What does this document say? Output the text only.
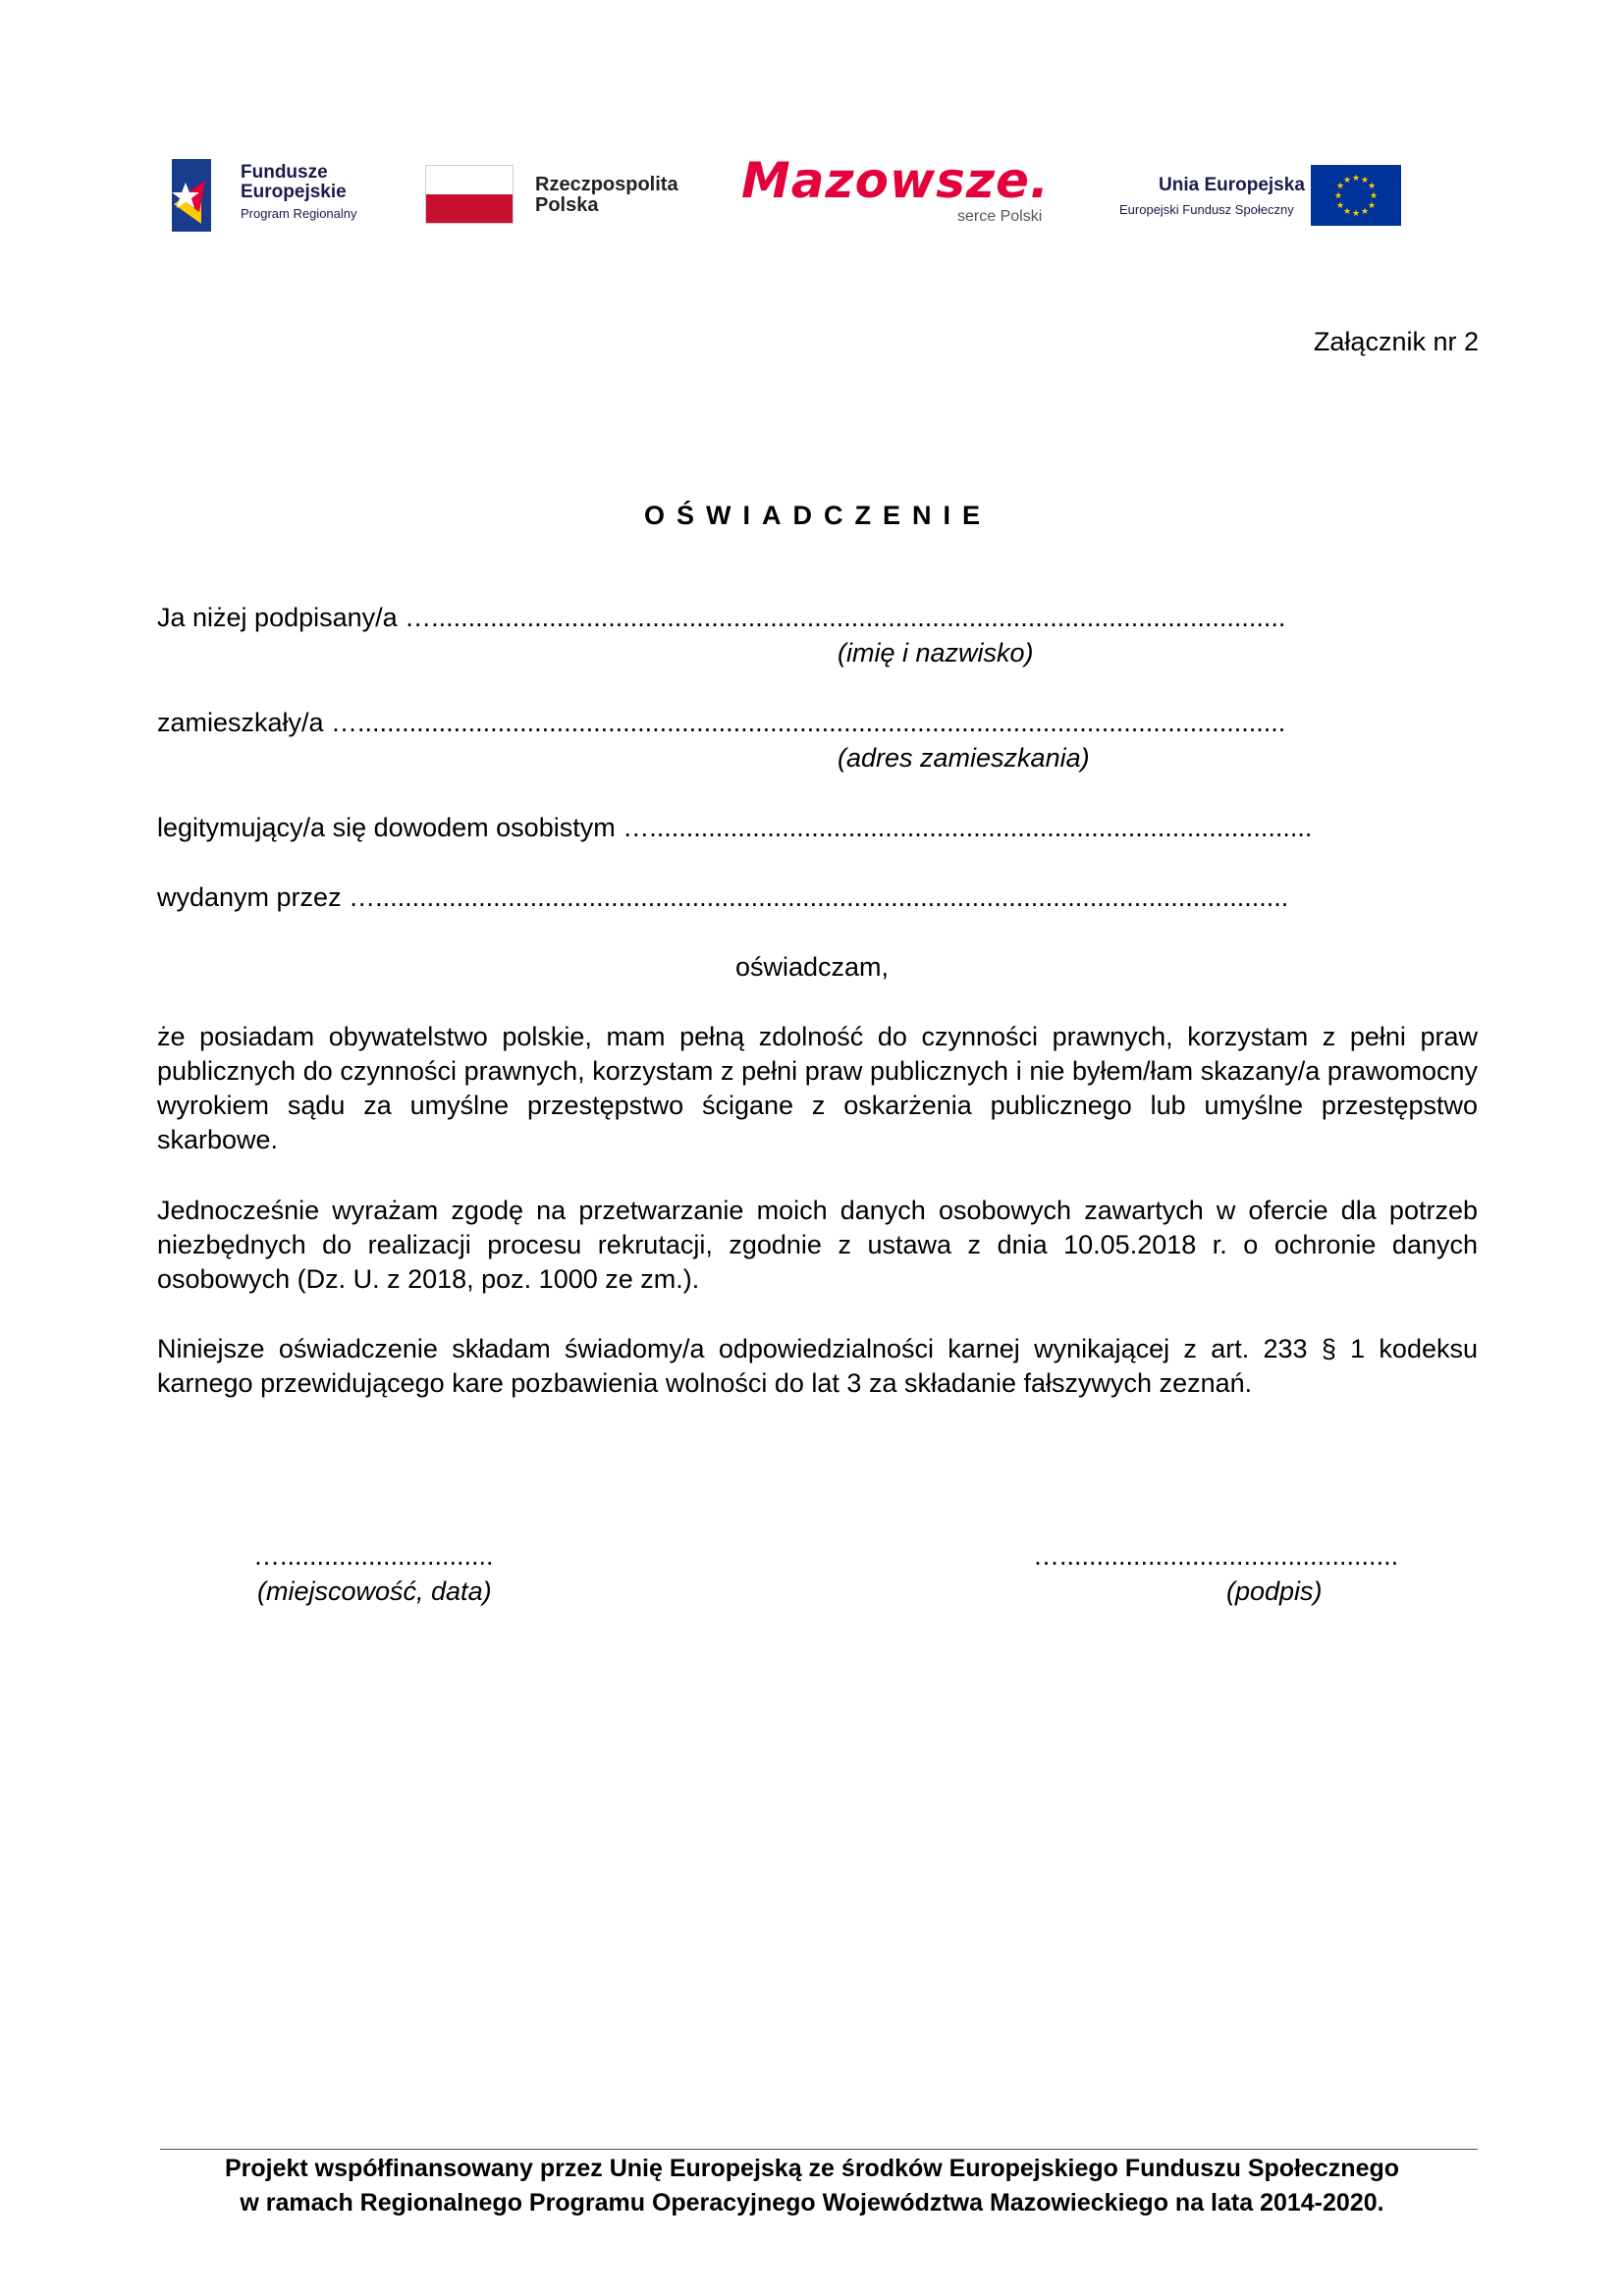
Fundusze
Europejskie
Program Regionalny
Rzeczpospolita
Polska	Mazowsze.
serce Polski
Unia Europejska
Europejski Fundusz Społeczny
★ ★
★
★
★
★
★
★
★
★
★
★
Załącznik nr 2
OŚWIADCZENIE
Ja niżej podpisany/a …....................................................................................................................
(imię i nazwisko)
zamieszkały/a …..............................................................................................................................
(adres zamieszkania)
legitymujący/a się dowodem osobistym …..........................................................................................
wydanym przez …............................................................................................................................
oświadczam,

że posiadam obywatelstwo polskie, mam pełną zdolność do czynności prawnych, korzystam z pełni praw publicznych do czynności prawnych, korzystam z pełni praw publicznych i nie byłem/łam skazany/a prawomocny wyrokiem sądu za umyślne przestępstwo ścigane z oskarżenia publicznego lub umyślne przestępstwo skarbowe.

Jednocześnie wyrażam zgodę na przetwarzanie moich danych osobowych zawartych w ofercie dla potrzeb niezbędnych do realizacji procesu rekrutacji, zgodnie z ustawa z dnia 10.05.2018 r. o ochronie danych osobowych (Dz. U. z 2018, poz. 1000 ze zm.).

Niniejsze oświadczenie składam świadomy/a odpowiedzialności karnej wynikającej z art. 233 § 1 kodeksu karnego przewidującego kare pozbawienia wolności do lat 3 za składanie fałszywych zeznań.

….............................
(miejscowość, data)
…..............................................
(podpis)
Projekt współfinansowany przez Unię Europejską ze środków Europejskiego Funduszu Społecznego
w ramach Regionalnego Programu Operacyjnego Województwa Mazowieckiego na lata 2014-2020.
